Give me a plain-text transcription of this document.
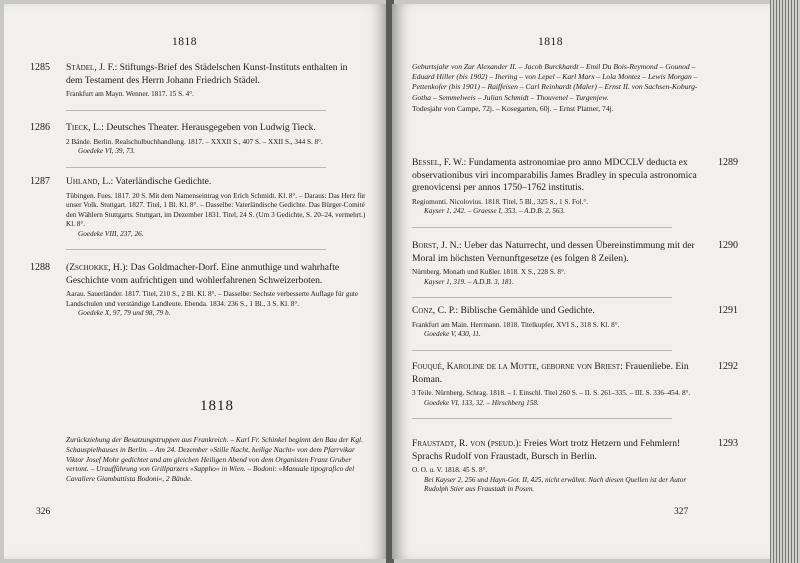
1818
1285 Städel, J. F.: Stiftungs-Brief des Städelschen Kunst-Instituts enthalten in dem Testament des Herrn Johann Friedrich Städel.
Frankfurt am Mayn. Wenner. 1817. 15 S. 4°.
1286 Tieck, L.: Deutsches Theater. Herausgegeben von Ludwig Tieck.
2 Bände. Berlin. Realschulbuchhandlung. 1817. – XXXII S., 407 S. – XXII S., 344 S. 8°.
Goedeke VI, 39, 73.
1287 Uhland, L.: Vaterländische Gedichte.
Tübingen. Fues. 1817. 20 S. Mit dem Namenseintrag von Erich Schmidt. Kl. 8°. – Daraus: Das Herz für unser Volk. Stuttgart. 1827. Titel, 1 Bl. Kl. 8°. – Dasselbe: Vaterländische Gedichte. Das Bürger-Comité den Wählern Stuttgarts. Stuttgart, im Dezember 1831. Titel, 24 S. (Um 3 Gedichte, S. 20–24, vermehrt.) Kl. 8°.
Goedeke VIII, 237, 26.
1288 (Zschokke, H.): Das Goldmacher-Dorf. Eine anmuthige und wahrhafte Geschichte vom aufrichtigen und wohlerfahrenen Schweizerboten.
Aarau. Sauerländer. 1817. Titel, 210 S., 2 Bl. Kl. 8°. – Dasselbe: Sechste verbesserte Auflage für gute Landschulen und verständige Landleute. Ebenda. 1834. 236 S., 1 Bl., 3 S. Kl. 8°.
Goedeke X, 97, 79 und 98, 79 b.
1818
Zurückziehung der Besatzungstruppen aus Frankreich. – Karl Fr. Schinkel beginnt den Bau der Kgl. Schauspielhauses in Berlin. – Am 24. Dezember »Stille Nacht, heilige Nacht« von dem Pfarrvikar Viktor Josef Mohr gedichtet und am gleichen Heiligen Abend von dem Organisten Franz Gruber vertont. – Uraufführung von Grillparzers »Sappho« in Wien. – Bodoni: »Manuale tipografico del Cavaliere Giambattista Bodoni«, 2 Bände.
326
1818

Geburtsjahr von Zar Alexander II. – Jacob Burckhardt – Emil Du Bois-Reymond – Gounod – Eduard Hiller (bis 1902) – Ihering – von Lepel – Karl Marx – Lola Montez – Lewis Morgan – Pettenkofer (bis 1901) – Raiffeisen – Carl Reinhardt (Maler) – Ernst II. von Sachsen-Koburg-Gotha – Semmelweis – Julian Schmidt – Thouvenel – Turgenjew.

Todesjahr von Campe, 72j. – Kosegarten, 60j. – Ernst Platner, 74j.

1289
Bessel, F. W.: Fundamenta astronomiae pro anno MDCCLV deducta ex observationibus viri incomparabilis James Bradley in specula astronomica grenovicensi per annos 1750–1762 institutis.
Regiomonti. Nicolovius. 1818. Titel, 5 Bl., 325 S., 1 S. Fol.°.
Kayser 1, 242. – Graesse I, 353. – A.D.B. 2, 563.
1290
Borst, J. N.: Ueber das Naturrecht, und dessen Übereinstimmung mit der Moral im höchsten Vernunftgesetze (es folgen 8 Zeilen).
Nürnberg. Monath und Kußler. 1818. X S., 228 S. 8°.
Kayser 1, 319. – A.D.B. 3, 181.
1291
Conz, C. P.: Biblische Gemählde und Gedichte.
Frankfurt am Main. Herrmann. 1818. Titelkupfer, XVI S., 318 S. Kl. 8°.
Goedeke V, 430, 11.
1292
Fouqué, Karoline de la Motte, geborne von Briest: Frauenliebe. Ein Roman.
3 Teile. Nürnberg. Schrag. 1818. – I. Einschl. Titel 260 S. – II. S. 261–335. – III. S. 336–454. 8°.
Goedeke VI, 133, 32. – Hirschberg 158.
1293
Fraustadt, R. von (pseud.): Freies Wort trotz Hetzern und Fehmlern! Sprachs Rudolf von Fraustadt, Bursch in Berlin.
O. O. u. V. 1818. 45 S. 8°.
Bei Kayser 2, 256 und Hayn-Got. II, 425, nicht erwähnt. Nach diesen Quellen ist der Autor Rudolph Stier aus Fraustadt in Posen.
327
